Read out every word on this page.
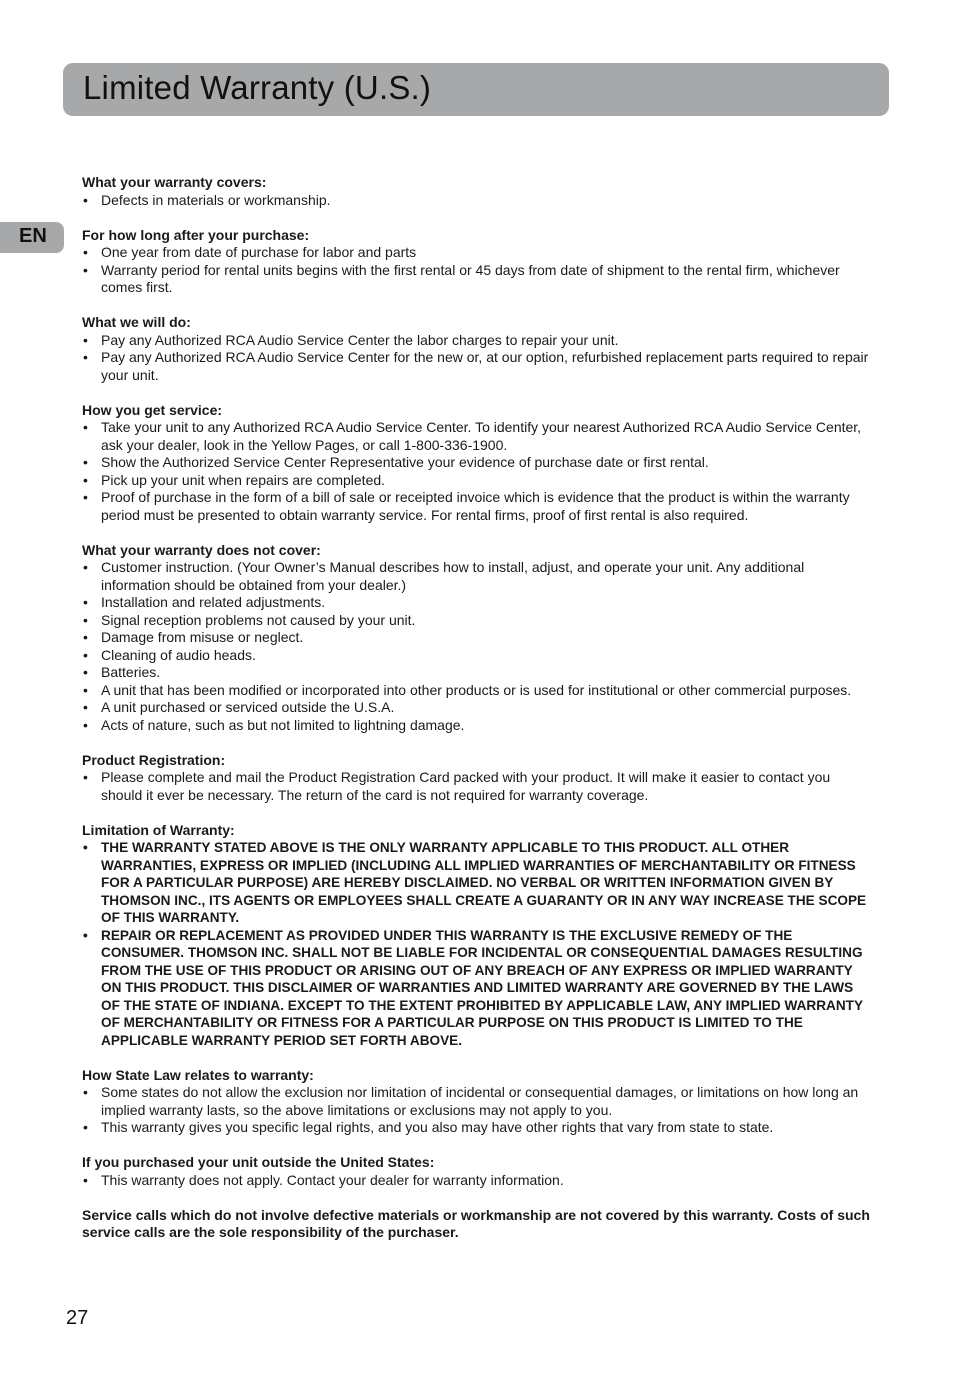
Limited Warranty (U.S.)
EN
What your warranty covers:
• Defects in materials or workmanship.
For how long after your purchase:
• One year from date of purchase for labor and parts
• Warranty period for rental units begins with the first rental or 45 days from date of shipment to the rental firm, whichever comes first.
What we will do:
• Pay any Authorized RCA Audio Service Center the labor charges to repair your unit.
• Pay any Authorized RCA Audio Service Center for the new or, at our option, refurbished replacement parts required to repair your unit.
How you get service:
• Take your unit to any Authorized RCA Audio Service Center. To identify your nearest Authorized RCA Audio Service Center, ask your dealer, look in the Yellow Pages, or call 1-800-336-1900.
• Show the Authorized Service Center Representative your evidence of purchase date or first rental.
• Pick up your unit when repairs are completed.
• Proof of purchase in the form of a bill of sale or receipted invoice which is evidence that the product is within the warranty period must be presented to obtain warranty service. For rental firms, proof of first rental is also required.
What your warranty does not cover:
• Customer instruction. (Your Owner’s Manual describes how to install, adjust, and operate your unit. Any additional information should be obtained from your dealer.)
• Installation and related adjustments.
• Signal reception problems not caused by your unit.
• Damage from misuse or neglect.
• Cleaning of audio heads.
• Batteries.
• A unit that has been modified or incorporated into other products or is used for institutional or other commercial purposes.
• A unit purchased or serviced outside the U.S.A.
• Acts of nature, such as but not limited to lightning damage.
Product Registration:
• Please complete and mail the Product Registration Card packed with your product. It will make it easier to contact you should it ever be necessary. The return of the card is not required for warranty coverage.
Limitation of Warranty:
• THE WARRANTY STATED ABOVE IS THE ONLY WARRANTY APPLICABLE TO THIS PRODUCT. ALL OTHER WARRANTIES, EXPRESS OR IMPLIED (INCLUDING ALL IMPLIED WARRANTIES OF MERCHANTABILITY OR FITNESS FOR A PARTICULAR PURPOSE) ARE HEREBY DISCLAIMED. NO VERBAL OR WRITTEN INFORMATION GIVEN BY THOMSON INC., ITS AGENTS OR EMPLOYEES SHALL CREATE A GUARANTY OR IN ANY WAY INCREASE THE SCOPE OF THIS WARRANTY.
• REPAIR OR REPLACEMENT AS PROVIDED UNDER THIS WARRANTY IS THE EXCLUSIVE REMEDY OF THE CONSUMER. THOMSON INC. SHALL NOT BE LIABLE FOR INCIDENTAL OR CONSEQUENTIAL DAMAGES RESULTING FROM THE USE OF THIS PRODUCT OR ARISING OUT OF ANY BREACH OF ANY EXPRESS OR IMPLIED WARRANTY ON THIS PRODUCT. THIS DISCLAIMER OF WARRANTIES AND LIMITED WARRANTY ARE GOVERNED BY THE LAWS OF THE STATE OF INDIANA. EXCEPT TO THE EXTENT PROHIBITED BY APPLICABLE LAW, ANY IMPLIED WARRANTY OF MERCHANTABILITY OR FITNESS FOR A PARTICULAR PURPOSE ON THIS PRODUCT IS LIMITED TO THE APPLICABLE WARRANTY PERIOD SET FORTH ABOVE.
How State Law relates to warranty:
• Some states do not allow the exclusion nor limitation of incidental or consequential damages, or limitations on how long an implied warranty lasts, so the above limitations or exclusions may not apply to you.
• This warranty gives you specific legal rights, and you also may have other rights that vary from state to state.
If you purchased your unit outside the United States:
• This warranty does not apply. Contact your dealer for warranty information.
Service calls which do not involve defective materials or workmanship are not covered by this warranty. Costs of such service calls are the sole responsibility of the purchaser.
27
